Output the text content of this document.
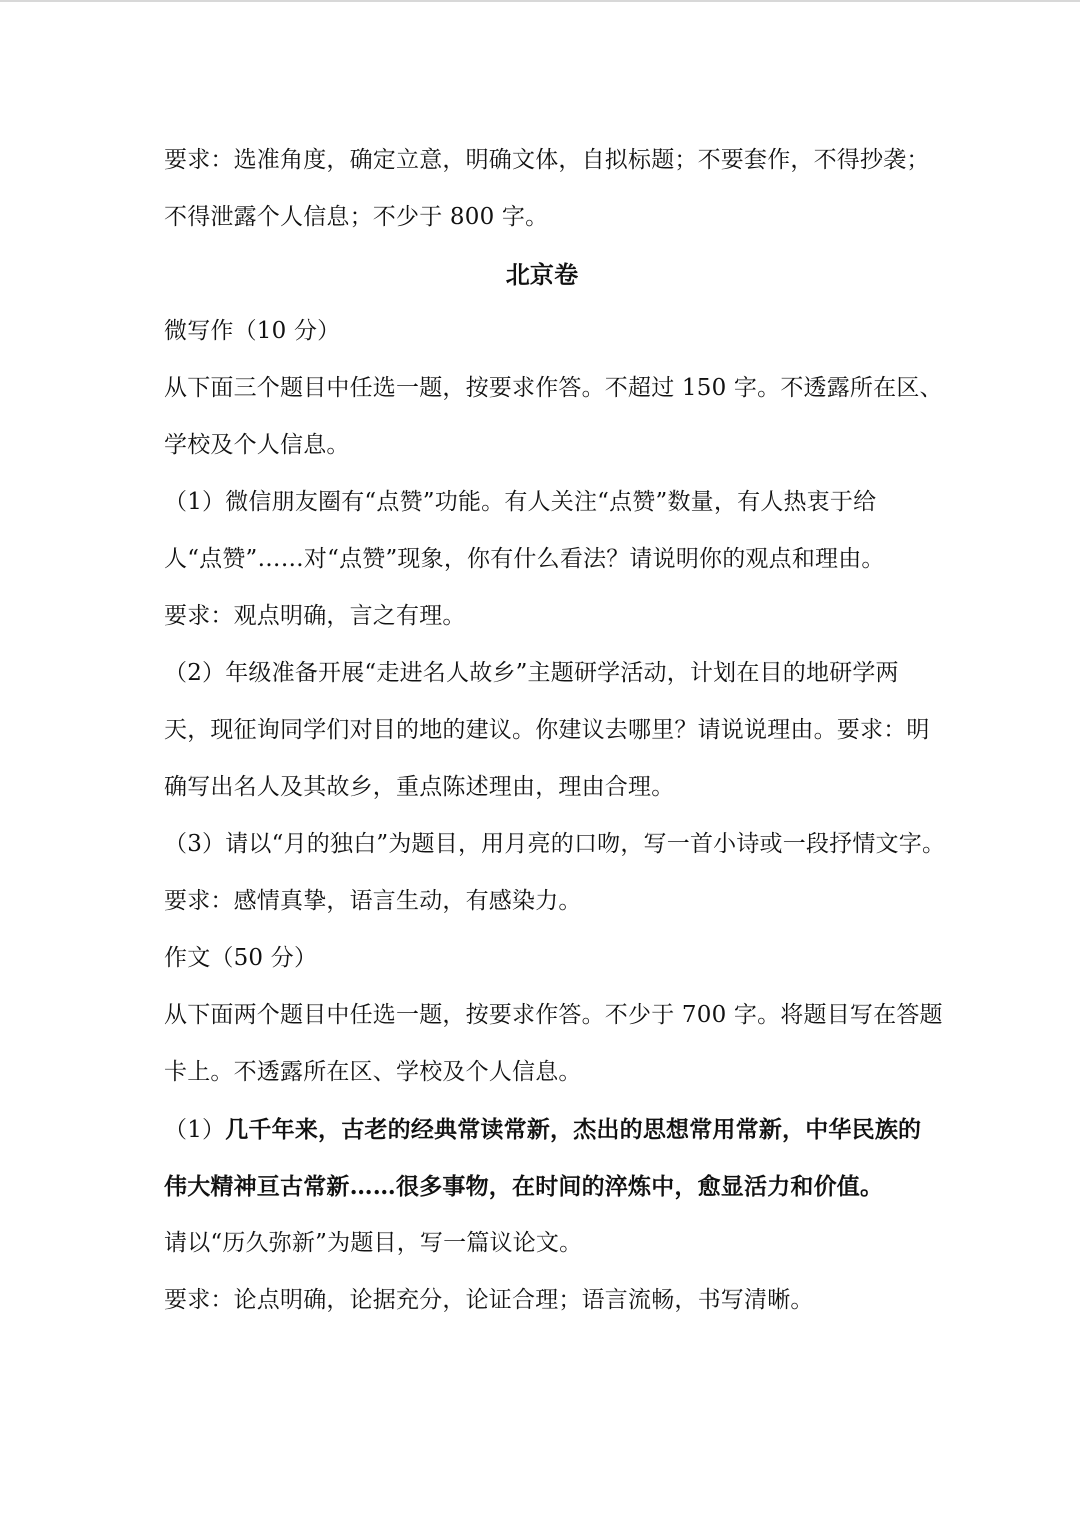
要求：选准角度，确定立意，明确文体，自拟标题；不要套作，不得抄袭；
不得泄露个人信息；不少于 800 字。
北京卷
微写作（10 分）
从下面三个题目中任选一题，按要求作答。不超过 150 字。不透露所在区、
学校及个人信息。
（1）微信朋友圈有“点赞”功能。有人关注“点赞”数量，有人热衷于给
人“点赞”……对“点赞”现象，你有什么看法？请说明你的观点和理由。
要求：观点明确，言之有理。
（2）年级准备开展“走进名人故乡”主题研学活动，计划在目的地研学两
天，现征询同学们对目的地的建议。你建议去哪里？请说说理由。要求：明
确写出名人及其故乡，重点陈述理由，理由合理。
（3）请以“月的独白”为题目，用月亮的口吻，写一首小诗或一段抒情文字。
要求：感情真挚，语言生动，有感染力。
作文（50 分）
从下面两个题目中任选一题，按要求作答。不少于 700 字。将题目写在答题
卡上。不透露所在区、学校及个人信息。
（1）几千年来，古老的经典常读常新，杰出的思想常用常新，中华民族的
伟大精神亘古常新……很多事物，在时间的淬炼中，愈显活力和价值。
请以“历久弥新”为题目，写一篇议论文。
要求：论点明确，论据充分，论证合理；语言流畅，书写清晰。
